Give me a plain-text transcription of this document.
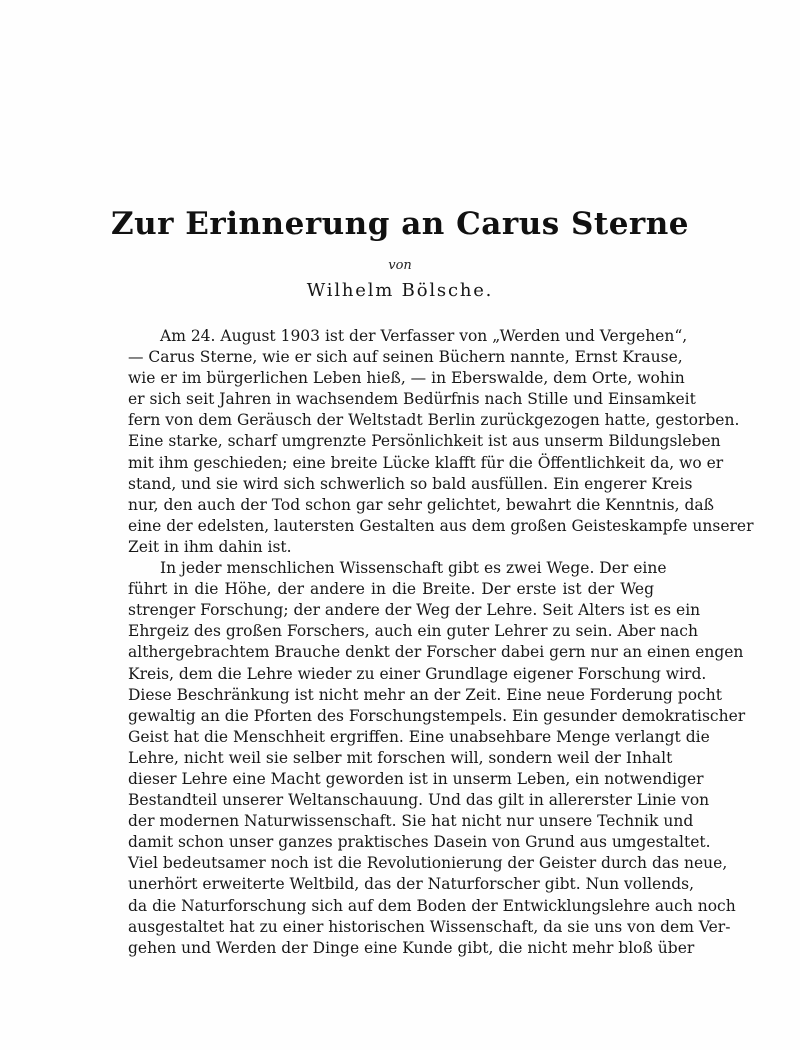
Zur Erinnerung an Carus Sterne
von
Wilhelm Bölsche.
Am 24. August 1903 ist der Verfasser von „Werden und Vergehen“,
— Carus Sterne, wie er sich auf seinen Büchern nannte, Ernst Krause,
wie er im bürgerlichen Leben hieß, — in Eberswalde, dem Orte, wohin
er sich seit Jahren in wachsendem Bedürfnis nach Stille und Einsamkeit
fern von dem Geräusch der Weltstadt Berlin zurückgezogen hatte, gestorben.
Eine starke, scharf umgrenzte Persönlichkeit ist aus unserm Bildungsleben
mit ihm geschieden; eine breite Lücke klafft für die Öffentlichkeit da, wo er
stand, und sie wird sich schwerlich so bald ausfüllen. Ein engerer Kreis
nur, den auch der Tod schon gar sehr gelichtet, bewahrt die Kenntnis, daß
eine der edelsten, lautersten Gestalten aus dem großen Geisteskampfe unserer
Zeit in ihm dahin ist.
In jeder menschlichen Wissenschaft gibt es zwei Wege. Der eine
führt in die Höhe, der andere in die Breite. Der erste ist der Weg
strenger Forschung; der andere der Weg der Lehre. Seit Alters ist es ein
Ehrgeiz des großen Forschers, auch ein guter Lehrer zu sein. Aber nach
althergebrachtem Brauche denkt der Forscher dabei gern nur an einen engen
Kreis, dem die Lehre wieder zu einer Grundlage eigener Forschung wird.
Diese Beschränkung ist nicht mehr an der Zeit. Eine neue Forderung pocht
gewaltig an die Pforten des Forschungstempels. Ein gesunder demokratischer
Geist hat die Menschheit ergriffen. Eine unabsehbare Menge verlangt die
Lehre, nicht weil sie selber mit forschen will, sondern weil der Inhalt
dieser Lehre eine Macht geworden ist in unserm Leben, ein notwendiger
Bestandteil unserer Weltanschauung. Und das gilt in allererster Linie von
der modernen Naturwissenschaft. Sie hat nicht nur unsere Technik und
damit schon unser ganzes praktisches Dasein von Grund aus umgestaltet.
Viel bedeutsamer noch ist die Revolutionierung der Geister durch das neue,
unerhört erweiterte Weltbild, das der Naturforscher gibt. Nun vollends,
da die Naturforschung sich auf dem Boden der Entwicklungslehre auch noch
ausgestaltet hat zu einer historischen Wissenschaft, da sie uns von dem Ver-
gehen und Werden der Dinge eine Kunde gibt, die nicht mehr bloß über
